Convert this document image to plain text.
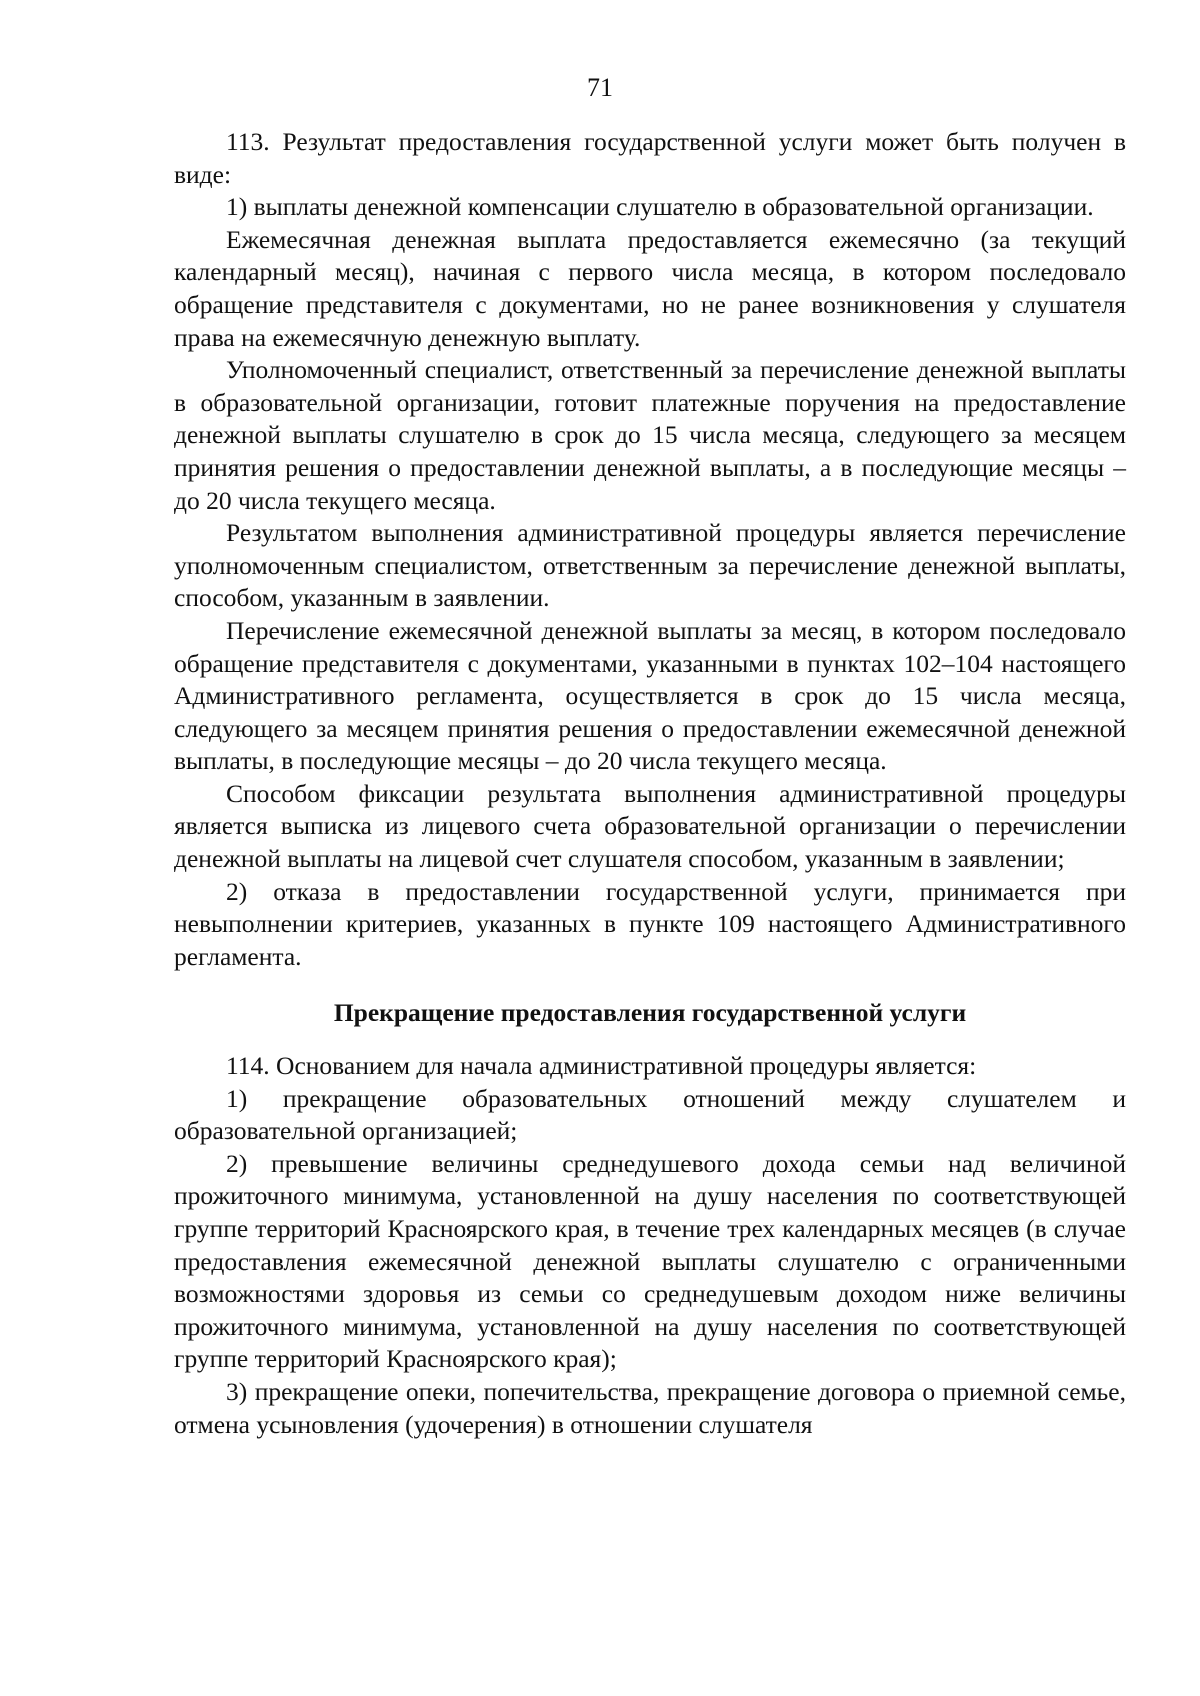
71

113. Результат предоставления государственной услуги может быть получен в виде:

1) выплаты денежной компенсации слушателю в образовательной организации.

Ежемесячная денежная выплата предоставляется ежемесячно (за текущий календарный месяц), начиная с первого числа месяца, в котором последовало обращение представителя с документами, но не ранее возникновения у слушателя права на ежемесячную денежную выплату.

Уполномоченный специалист, ответственный за перечисление денежной выплаты в образовательной организации, готовит платежные поручения на предоставление денежной выплаты слушателю в срок до 15 числа месяца, следующего за месяцем принятия решения о предоставлении денежной выплаты, а в последующие месяцы – до 20 числа текущего месяца.

Результатом выполнения административной процедуры является перечисление уполномоченным специалистом, ответственным за перечисление денежной выплаты, способом, указанным в заявлении.

Перечисление ежемесячной денежной выплаты за месяц, в котором последовало обращение представителя с документами, указанными в пунктах 102–104 настоящего Административного регламента, осуществляется в срок до 15 числа месяца, следующего за месяцем принятия решения о предоставлении ежемесячной денежной выплаты, в последующие месяцы – до 20 числа текущего месяца.

Способом фиксации результата выполнения административной процедуры является выписка из лицевого счета образовательной организации о перечислении денежной выплаты на лицевой счет слушателя способом, указанным в заявлении;

2) отказа в предоставлении государственной услуги, принимается при невыполнении критериев, указанных в пункте 109 настоящего Административного регламента.

Прекращение предоставления государственной услуги

114. Основанием для начала административной процедуры является:

1) прекращение образовательных отношений между слушателем и образовательной организацией;

2) превышение величины среднедушевого дохода семьи над величиной прожиточного минимума, установленной на душу населения по соответствующей группе территорий Красноярского края, в течение трех календарных месяцев (в случае предоставления ежемесячной денежной выплаты слушателю с ограниченными возможностями здоровья из семьи со среднедушевым доходом ниже величины прожиточного минимума, установленной на душу населения по соответствующей группе территорий Красноярского края);

3) прекращение опеки, попечительства, прекращение договора о приемной семье, отмена усыновления (удочерения) в отношении слушателя
